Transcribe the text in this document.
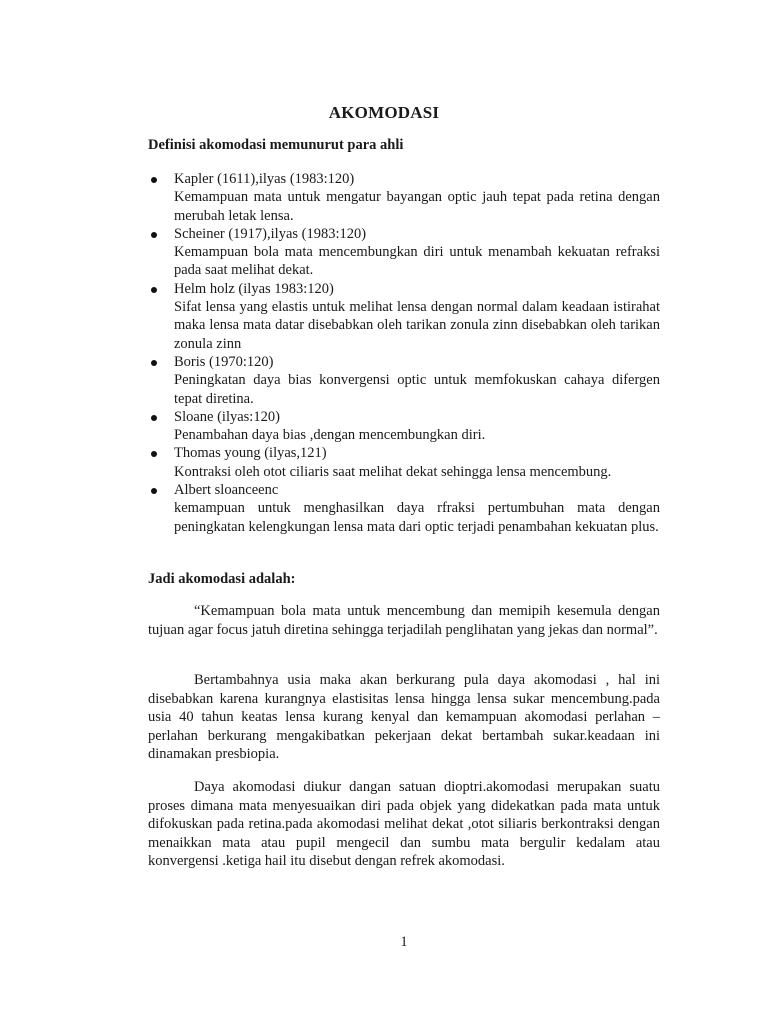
AKOMODASI
Definisi akomodasi memunurut para ahli
Kapler (1611),ilyas (1983:120)
Kemampuan mata untuk mengatur bayangan optic jauh tepat pada retina dengan merubah letak lensa.
Scheiner (1917),ilyas (1983:120)
Kemampuan bola mata mencembungkan diri untuk menambah kekuatan refraksi pada saat melihat dekat.
Helm holz (ilyas 1983:120)
Sifat lensa yang elastis untuk melihat lensa dengan normal dalam keadaan istirahat maka lensa mata datar disebabkan oleh tarikan zonula zinn disebabkan oleh tarikan zonula zinn
Boris (1970:120)
Peningkatan daya bias konvergensi optic untuk memfokuskan cahaya difergen tepat diretina.
Sloane (ilyas:120)
Penambahan daya bias ,dengan mencembungkan diri.
Thomas young (ilyas,121)
Kontraksi oleh otot ciliaris saat melihat dekat sehingga lensa mencembung.
Albert sloanceenc
kemampuan untuk menghasilkan daya rfraksi pertumbuhan mata dengan peningkatan kelengkungan lensa mata dari optic terjadi penambahan kekuatan plus.
Jadi akomodasi adalah:

“Kemampuan bola mata untuk mencembung dan memipih kesemula dengan tujuan agar focus jatuh diretina sehingga terjadilah penglihatan yang jekas dan normal”.

Bertambahnya usia maka akan berkurang pula daya akomodasi , hal ini disebabkan karena kurangnya elastisitas lensa hingga lensa sukar mencembung.pada usia 40 tahun keatas lensa kurang kenyal dan kemampuan akomodasi perlahan – perlahan berkurang mengakibatkan pekerjaan dekat bertambah sukar.keadaan ini dinamakan presbiopia.

Daya akomodasi diukur dangan satuan dioptri.akomodasi merupakan suatu proses dimana mata menyesuaikan diri pada objek yang didekatkan pada mata untuk difokuskan pada retina.pada akomodasi melihat dekat ,otot siliaris berkontraksi dengan menaikkan mata atau pupil mengecil dan sumbu mata bergulir kedalam atau konvergensi .ketiga hail itu disebut dengan refrek akomodasi.

1
